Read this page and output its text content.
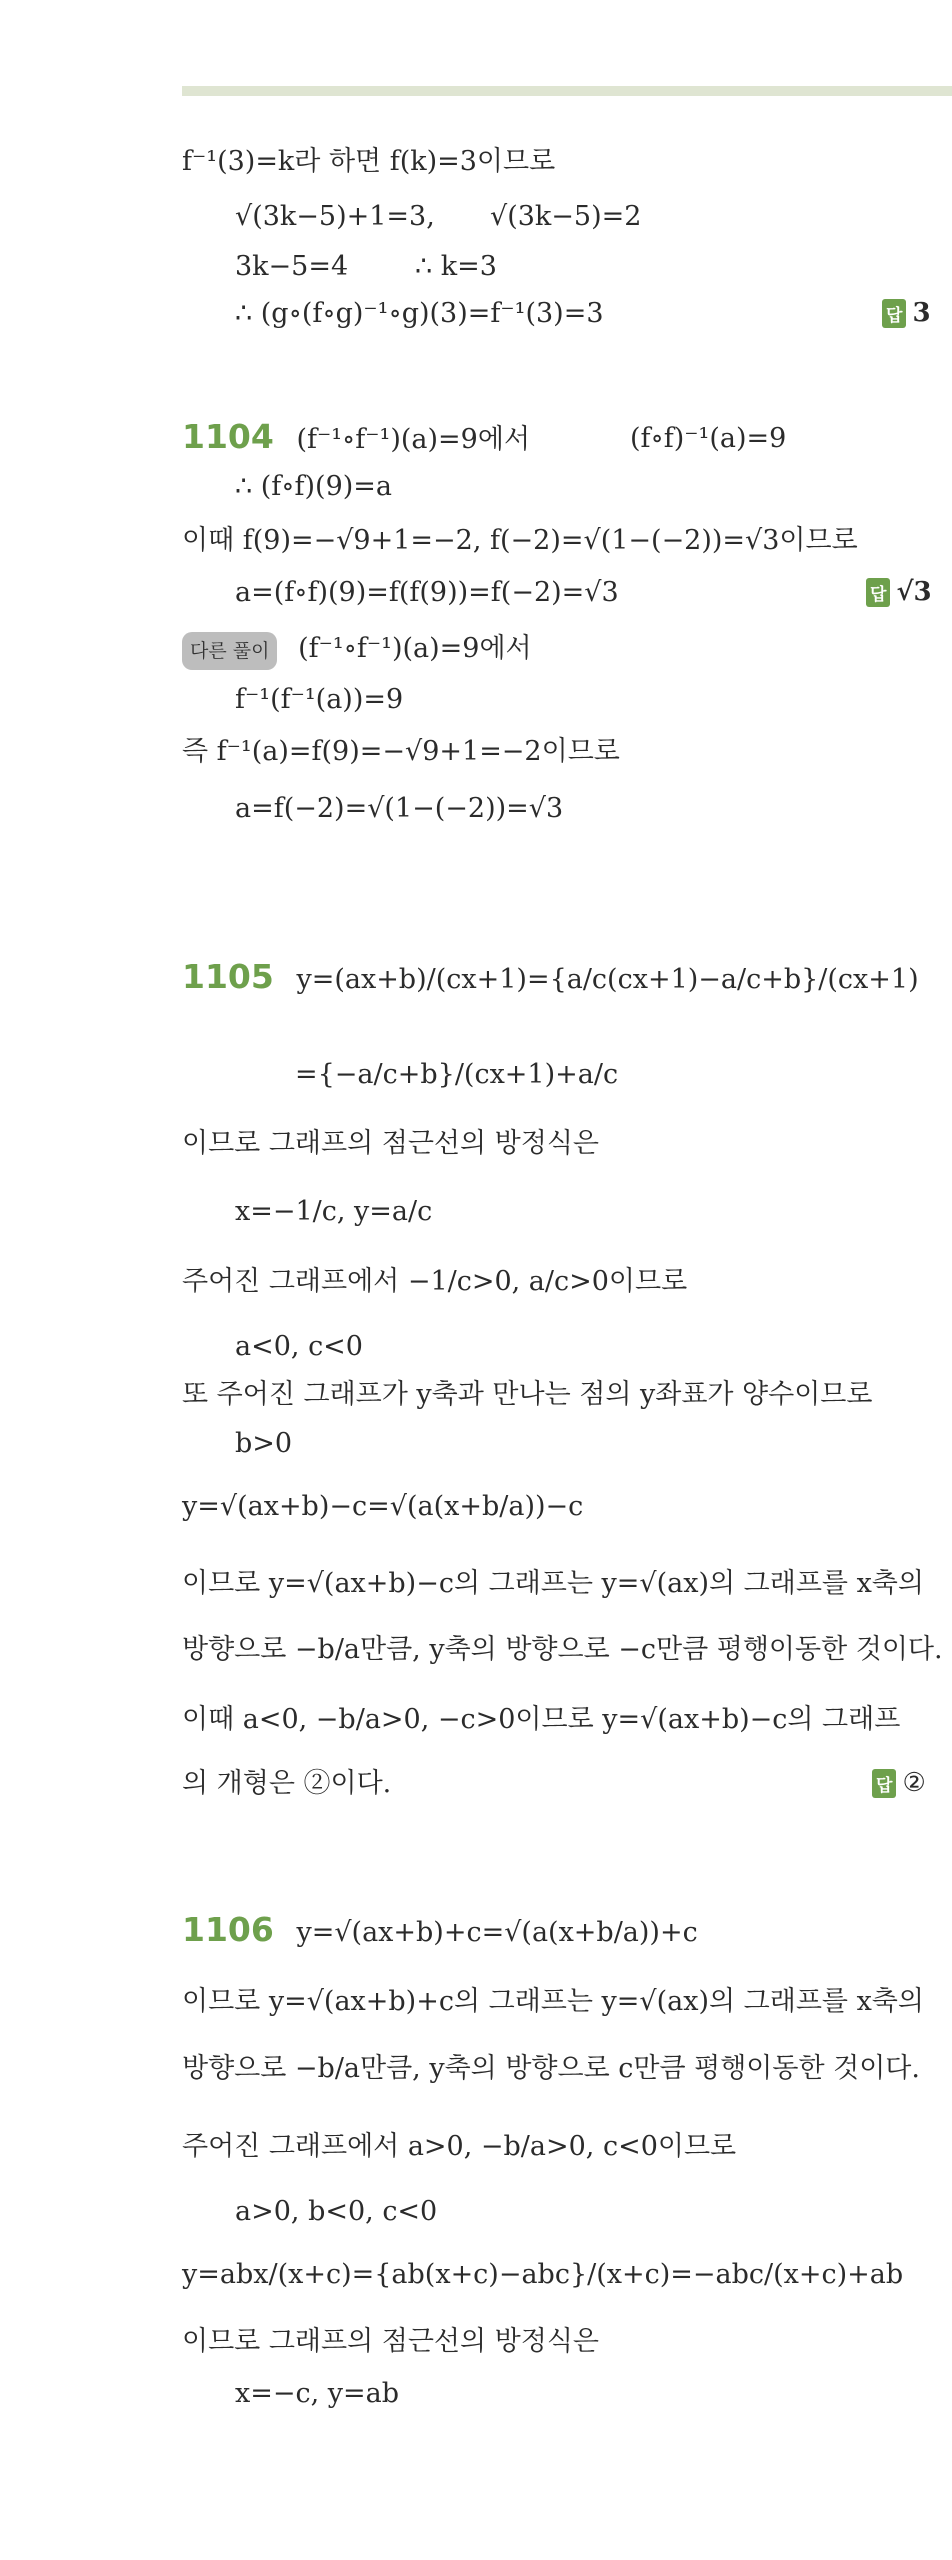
f⁻¹(3)=k라 하면 f(k)=3이므로
√(3k−5)+1=3, √(3k−5)=2
3k−5=4 ∴ k=3
∴ (g∘(f∘g)⁻¹∘g)(3)=f⁻¹(3)=3	답 3
1104 (f⁻¹∘f⁻¹)(a)=9에서	(f∘f)⁻¹(a)=9
∴ (f∘f)(9)=a
이때 f(9)=−√9+1=−2, f(−2)=√(1−(−2))=√3이므로
a=(f∘f)(9)=f(f(9))=f(−2)=√3	답 √3
다른 풀이 (f⁻¹∘f⁻¹)(a)=9에서
f⁻¹(f⁻¹(a))=9
즉 f⁻¹(a)=f(9)=−√9+1=−2이므로
a=f(−2)=√(1−(−2))=√3
1105 y=(ax+b)/(cx+1)={a/c(cx+1)−a/c+b}/(cx+1)
={−a/c+b}/(cx+1)+a/c
이므로 그래프의 점근선의 방정식은
x=−1/c, y=a/c
주어진 그래프에서 −1/c>0, a/c>0이므로
a<0, c<0
또 주어진 그래프가 y축과 만나는 점의 y좌표가 양수이므로
b>0
y=√(ax+b)−c=√(a(x+b/a))−c
이므로 y=√(ax+b)−c의 그래프는 y=√(ax)의 그래프를 x축의
방향으로 −b/a만큼, y축의 방향으로 −c만큼 평행이동한 것이다.
이때 a<0, −b/a>0, −c>0이므로 y=√(ax+b)−c의 그래프
의 개형은 ②이다.	답 ②
1106 y=√(ax+b)+c=√(a(x+b/a))+c
이므로 y=√(ax+b)+c의 그래프는 y=√(ax)의 그래프를 x축의
방향으로 −b/a만큼, y축의 방향으로 c만큼 평행이동한 것이다.
주어진 그래프에서 a>0, −b/a>0, c<0이므로
a>0, b<0, c<0
y=abx/(x+c)={ab(x+c)−abc}/(x+c)=−abc/(x+c)+ab
이므로 그래프의 점근선의 방정식은
x=−c, y=ab
